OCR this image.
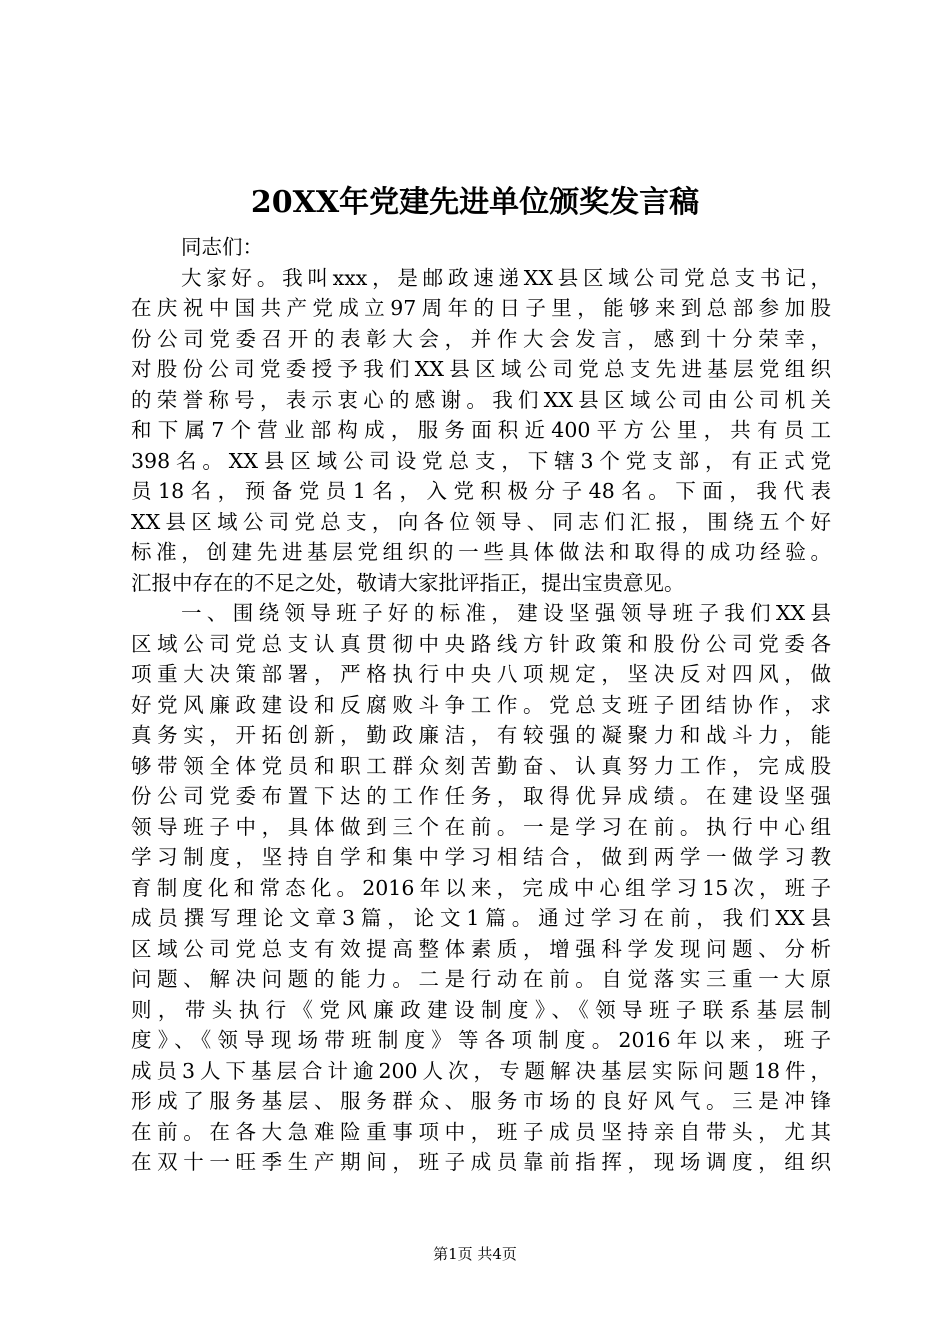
20XX年党建先进单位颁奖发言稿
同志们：
大家好。我叫xxx，是邮政速递XX县区域公司党总支书记，
在庆祝中国共产党成立97周年的日子里，能够来到总部参加股
份公司党委召开的表彰大会，并作大会发言，感到十分荣幸，
对股份公司党委授予我们XX县区域公司党总支先进基层党组织
的荣誉称号，表示衷心的感谢。我们XX县区域公司由公司机关
和下属7个营业部构成，服务面积近400平方公里，共有员工
398名。XX县区域公司设党总支，下辖3个党支部，有正式党
员18名，预备党员1名，入党积极分子48名。下面，我代表
XX县区域公司党总支，向各位领导、同志们汇报，围绕五个好
标准，创建先进基层党组织的一些具体做法和取得的成功经验。
汇报中存在的不足之处，敬请大家批评指正，提出宝贵意见。
一、围绕领导班子好的标准，建设坚强领导班子我们XX县
区域公司党总支认真贯彻中央路线方针政策和股份公司党委各
项重大决策部署，严格执行中央八项规定，坚决反对四风，做
好党风廉政建设和反腐败斗争工作。党总支班子团结协作，求
真务实，开拓创新，勤政廉洁，有较强的凝聚力和战斗力，能
够带领全体党员和职工群众刻苦勤奋、认真努力工作，完成股
份公司党委布置下达的工作任务，取得优异成绩。在建设坚强
领导班子中，具体做到三个在前。一是学习在前。执行中心组
学习制度，坚持自学和集中学习相结合，做到两学一做学习教
育制度化和常态化。2016年以来，完成中心组学习15次，班子
成员撰写理论文章3篇，论文1篇。通过学习在前，我们XX县
区域公司党总支有效提高整体素质，增强科学发现问题、分析
问题、解决问题的能力。二是行动在前。自觉落实三重一大原
则，带头执行《党风廉政建设制度》、《领导班子联系基层制
度》、《领导现场带班制度》等各项制度。2016年以来，班子
成员3人下基层合计逾200人次，专题解决基层实际问题18件，
形成了服务基层、服务群众、服务市场的良好风气。三是冲锋
在前。在各大急难险重事项中，班子成员坚持亲自带头，尤其
在双十一旺季生产期间，班子成员靠前指挥，现场调度，组织
第1页 共4页
